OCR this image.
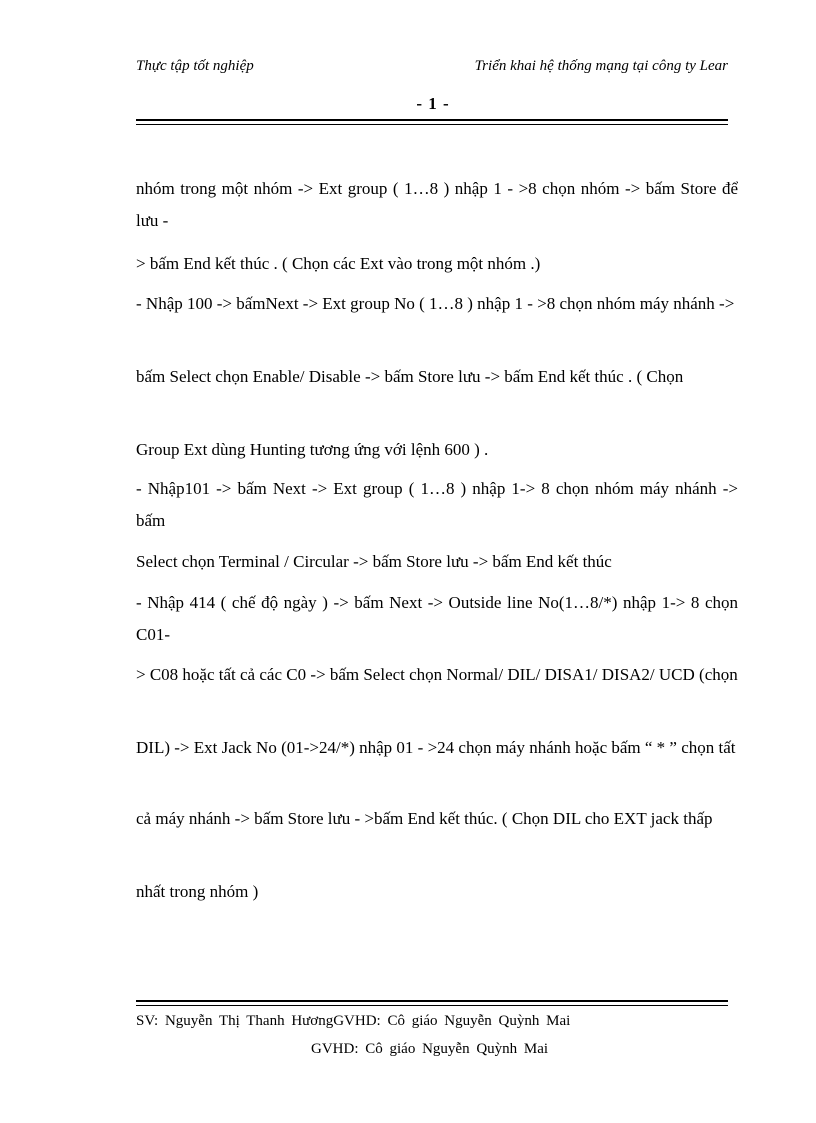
Thực tập tốt nghiệp	Triển khai hệ thống mạng tại công ty Lear
- 1 -

nhóm trong một nhóm -> Ext group ( 1…8 ) nhập 1 - >8 chọn nhóm -> bấm Store để lưu -

> bấm End kết thúc . ( Chọn các Ext vào trong một nhóm .)

- Nhập 100 -> bấmNext -> Ext group No ( 1…8 ) nhập 1 - >8 chọn nhóm máy nhánh ->

bấm Select chọn Enable/ Disable -> bấm Store lưu -> bấm End kết thúc . ( Chọn

Group Ext dùng Hunting tương ứng với lệnh 600 ) .

- Nhập101 -> bấm Next -> Ext group ( 1…8 ) nhập 1-> 8 chọn nhóm máy nhánh -> bấm

Select chọn Terminal / Circular -> bấm Store lưu -> bấm End kết thúc

- Nhập 414 ( chế độ ngày ) -> bấm Next -> Outside line No(1…8/*) nhập 1-> 8 chọn C01-

> C08 hoặc tất cả các C0 -> bấm Select chọn Normal/ DIL/ DISA1/ DISA2/ UCD (chọn

DIL) -> Ext Jack No (01->24/*) nhập 01 - >24 chọn máy nhánh hoặc bấm “ * ” chọn tất

cả máy nhánh -> bấm Store lưu - >bấm End kết thúc. ( Chọn DIL cho EXT jack thấp

nhất trong nhóm )

SV: Nguyễn Thị Thanh HươngGVHD: Cô giáo Nguyễn Quỳnh Mai
GVHD: Cô giáo Nguyễn Quỳnh Mai
